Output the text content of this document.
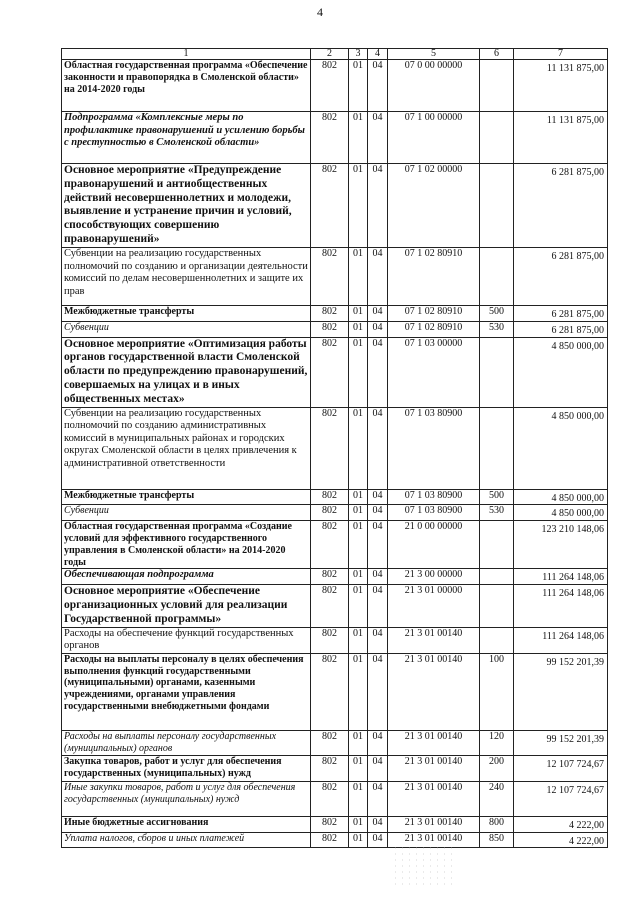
4
1	2	3	4	5	6	7
Областная государственная программа «Обеспечение законности и правопорядка в Смоленской области» на 2014-2020 годы	802	01	04	07 0 00 00000		11 131 875,00
Подпрограмма «Комплексные меры по профилактике правонарушений и усилению борьбы с преступностью в Смоленской области»	802	01	04	07 1 00 00000		11 131 875,00
Основное мероприятие «Предупреждение правонарушений и антиобщественных действий несовершеннолетних и молодежи, выявление и устранение причин и условий, способствующих совершению правонарушений»	802	01	04	07 1 02 00000		6 281 875,00
Субвенции на реализацию государственных полномочий по созданию и организации деятельности комиссий по делам несовершеннолетних и защите их прав	802	01	04	07 1 02 80910		6 281 875,00
Межбюджетные трансферты	802	01	04	07 1 02 80910	500	6 281 875,00
Субвенции	802	01	04	07 1 02 80910	530	6 281 875,00
Основное мероприятие «Оптимизация работы органов государственной власти Смоленской области по предупреждению правонарушений, совершаемых на улицах и в иных общественных местах»	802	01	04	07 1 03 00000		4 850 000,00
Субвенции на реализацию государственных полномочий по созданию административных комиссий в муниципальных районах и городских округах Смоленской области в целях привлечения к административной ответственности	802	01	04	07 1 03 80900		4 850 000,00
Межбюджетные трансферты	802	01	04	07 1 03 80900	500	4 850 000,00
Субвенции	802	01	04	07 1 03 80900	530	4 850 000,00
Областная государственная программа «Создание условий для эффективного государственного управления в Смоленской области» на 2014-2020 годы	802	01	04	21 0 00 00000		123 210 148,06
Обеспечивающая подпрограмма	802	01	04	21 3 00 00000		111 264 148,06
Основное мероприятие «Обеспечение организационных условий для реализации Государственной программы»	802	01	04	21 3 01 00000		111 264 148,06
Расходы на обеспечение функций государственных органов	802	01	04	21 3 01 00140		111 264 148,06
Расходы на выплаты персоналу в целях обеспечения выполнения функций государственными (муниципальными) органами, казенными учреждениями, органами управления государственными внебюджетными фондами	802	01	04	21 3 01 00140	100	99 152 201,39
Расходы на выплаты персоналу государственных (муниципальных) органов	802	01	04	21 3 01 00140	120	99 152 201,39
Закупка товаров, работ и услуг для обеспечения государственных (муниципальных) нужд	802	01	04	21 3 01 00140	200	12 107 724,67
Иные закупки товаров, работ и услуг для обеспечения государственных (муниципальных) нужд	802	01	04	21 3 01 00140	240	12 107 724,67
Иные бюджетные ассигнования	802	01	04	21 3 01 00140	800	4 222,00
Уплата налогов, сборов и иных платежей	802	01	04	21 3 01 00140	850	4 222,00
